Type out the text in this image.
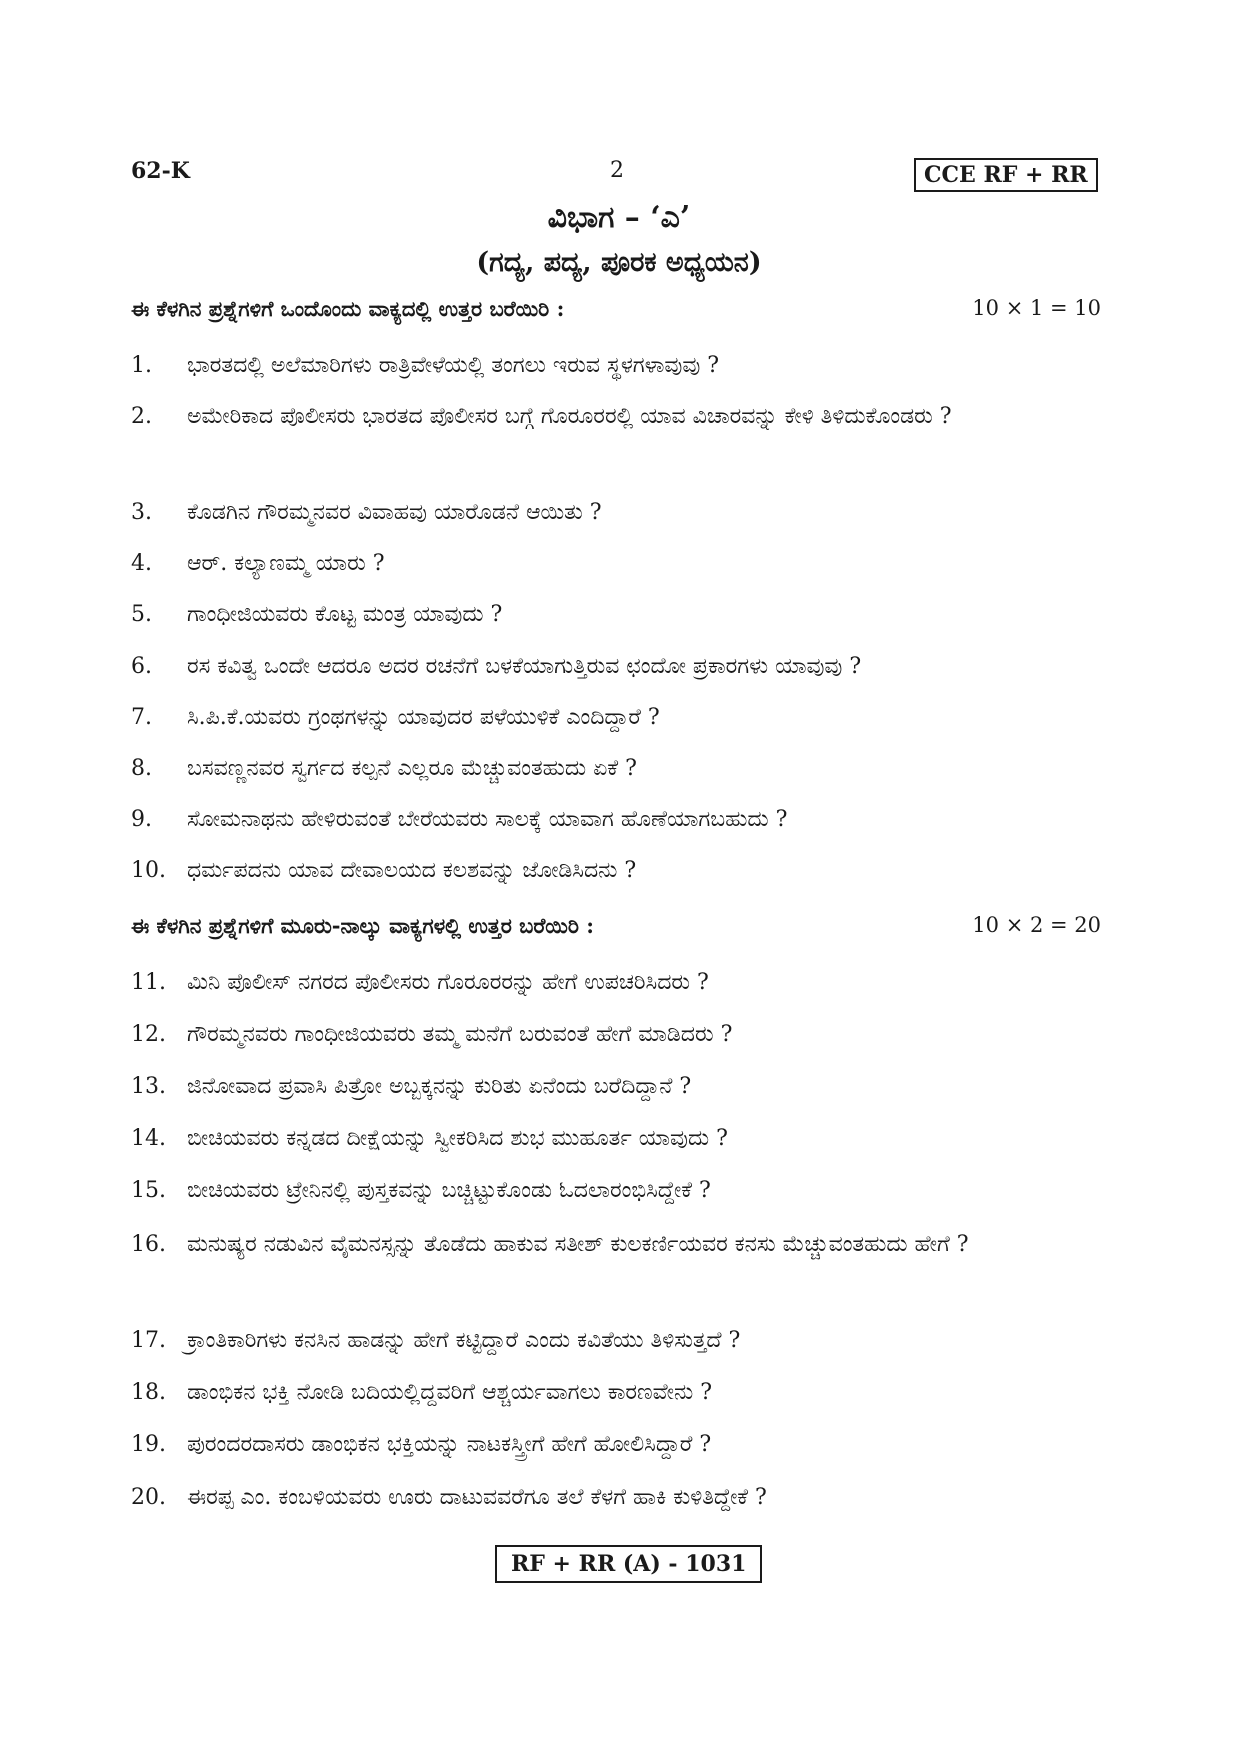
62-K	2	CCE RF + RR
ವಿಭಾಗ – ‘ಎ’
(ಗದ್ಯ, ಪದ್ಯ, ಪೂರಕ ಅಧ್ಯಯನ)
ಈ ಕೆಳಗಿನ ಪ್ರಶ್ನೆಗಳಿಗೆ ಒಂದೊಂದು ವಾಕ್ಯದಲ್ಲಿ ಉತ್ತರ ಬರೆಯಿರಿ :	10 × 1 = 10
1.	ಭಾರತದಲ್ಲಿ ಅಲೆಮಾರಿಗಳು ರಾತ್ರಿವೇಳೆಯಲ್ಲಿ ತಂಗಲು ಇರುವ ಸ್ಥಳಗಳಾವುವು ?
2.	ಅಮೇರಿಕಾದ ಪೊಲೀಸರು ಭಾರತದ ಪೊಲೀಸರ ಬಗ್ಗೆ ಗೊರೂರರಲ್ಲಿ ಯಾವ ವಿಚಾರವನ್ನು ಕೇಳಿ ತಿಳಿದುಕೊಂಡರು ?
3.	ಕೊಡಗಿನ ಗೌರಮ್ಮನವರ ವಿವಾಹವು ಯಾರೊಡನೆ ಆಯಿತು ?
4.	ಆರ್. ಕಲ್ಯಾಣಮ್ಮ ಯಾರು ?
5.	ಗಾಂಧೀಜಿಯವರು ಕೊಟ್ಟ ಮಂತ್ರ ಯಾವುದು ?
6.	ರಸ ಕವಿತ್ವ ಒಂದೇ ಆದರೂ ಅದರ ರಚನೆಗೆ ಬಳಕೆಯಾಗುತ್ತಿರುವ ಛಂದೋ ಪ್ರಕಾರಗಳು ಯಾವುವು ?
7.	ಸಿ.ಪಿ.ಕೆ.ಯವರು ಗ್ರಂಥಗಳನ್ನು ಯಾವುದರ ಪಳೆಯುಳಿಕೆ ಎಂದಿದ್ದಾರೆ ?
8.	ಬಸವಣ್ಣನವರ ಸ್ವರ್ಗದ ಕಲ್ಪನೆ ಎಲ್ಲರೂ ಮೆಚ್ಚುವಂತಹುದು ಏಕೆ ?
9.	ಸೋಮನಾಥನು ಹೇಳಿರುವಂತೆ ಬೇರೆಯವರು ಸಾಲಕ್ಕೆ ಯಾವಾಗ ಹೊಣೆಯಾಗಬಹುದು ?
10. ಧರ್ಮಪದನು ಯಾವ ದೇವಾಲಯದ ಕಲಶವನ್ನು ಜೋಡಿಸಿದನು ?
ಈ ಕೆಳಗಿನ ಪ್ರಶ್ನೆಗಳಿಗೆ ಮೂರು-ನಾಲ್ಕು ವಾಕ್ಯಗಳಲ್ಲಿ ಉತ್ತರ ಬರೆಯಿರಿ :	10 × 2 = 20
11. ಮಿನಿ ಪೊಲೀಸ್ ನಗರದ ಪೊಲೀಸರು ಗೊರೂರರನ್ನು ಹೇಗೆ ಉಪಚರಿಸಿದರು ?
12. ಗೌರಮ್ಮನವರು ಗಾಂಧೀಜಿಯವರು ತಮ್ಮ ಮನೆಗೆ ಬರುವಂತೆ ಹೇಗೆ ಮಾಡಿದರು ?
13. ಜಿನೋವಾದ ಪ್ರವಾಸಿ ಪಿತ್ರೋ ಅಬ್ಬಕ್ಕನನ್ನು ಕುರಿತು ಏನೆಂದು ಬರೆದಿದ್ದಾನೆ ?
14. ಬೀಚಿಯವರು ಕನ್ನಡದ ದೀಕ್ಷೆಯನ್ನು ಸ್ವೀಕರಿಸಿದ ಶುಭ ಮುಹೂರ್ತ ಯಾವುದು ?
15. ಬೀಚಿಯವರು ಟ್ರೇನಿನಲ್ಲಿ ಪುಸ್ತಕವನ್ನು ಬಚ್ಚಿಟ್ಟುಕೊಂಡು ಓದಲಾರಂಭಿಸಿದ್ದೇಕೆ ?
16. ಮನುಷ್ಯರ ನಡುವಿನ ವೈಮನಸ್ಸನ್ನು ತೊಡೆದು ಹಾಕುವ ಸತೀಶ್ ಕುಲಕರ್ಣಿಯವರ ಕನಸು ಮೆಚ್ಚುವಂತಹುದು ಹೇಗೆ ?
17. ಕ್ರಾಂತಿಕಾರಿಗಳು ಕನಸಿನ ಹಾಡನ್ನು ಹೇಗೆ ಕಟ್ಟಿದ್ದಾರೆ ಎಂದು ಕವಿತೆಯು ತಿಳಿಸುತ್ತದೆ ?
18. ಡಾಂಭಿಕನ ಭಕ್ತಿ ನೋಡಿ ಬದಿಯಲ್ಲಿದ್ದವರಿಗೆ ಆಶ್ಚರ್ಯವಾಗಲು ಕಾರಣವೇನು ?
19. ಪುರಂದರದಾಸರು ಡಾಂಭಿಕನ ಭಕ್ತಿಯನ್ನು ನಾಟಕಸ್ತ್ರೀಗೆ ಹೇಗೆ ಹೋಲಿಸಿದ್ದಾರೆ ?
20. ಈರಪ್ಪ ಎಂ. ಕಂಬಳಿಯವರು ಊರು ದಾಟುವವರೆಗೂ ತಲೆ ಕೆಳಗೆ ಹಾಕಿ ಕುಳಿತಿದ್ದೇಕೆ ?
RF + RR (A) - 1031
